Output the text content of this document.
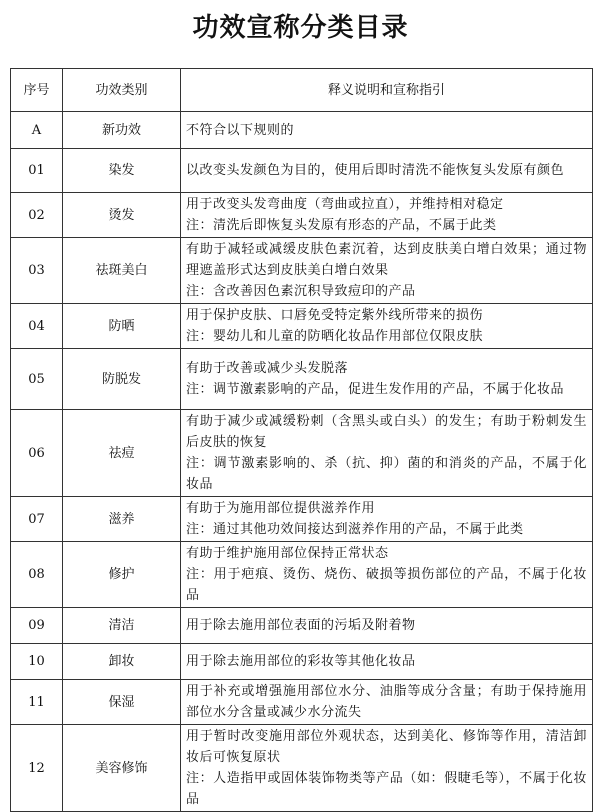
功效宣称分类目录
序号	功效类别	释义说明和宣称指引
A	新功效	不符合以下规则的

01	染发	以改变头发颜色为目的，使用后即时清洗不能恢复头发原有颜色

02	烫发	用于改变头发弯曲度（弯曲或拉直），并维持相对稳定
注：清洗后即恢复头发原有形态的产品，不属于此类

03	祛斑美白	有助于减轻或减缓皮肤色素沉着，达到皮肤美白增白效果；通过物理遮盖形式达到皮肤美白增白效果
注：含改善因色素沉积导致痘印的产品

04	防晒	用于保护皮肤、口唇免受特定紫外线所带来的损伤
注：婴幼儿和儿童的防晒化妆品作用部位仅限皮肤

05	防脱发	有助于改善或减少头发脱落
注：调节激素影响的产品，促进生发作用的产品，不属于化妆品

06	祛痘	有助于减少或减缓粉刺（含黑头或白头）的发生；有助于粉刺发生后皮肤的恢复
注：调节激素影响的、杀（抗、抑）菌的和消炎的产品，不属于化妆品

07	滋养	有助于为施用部位提供滋养作用
注：通过其他功效间接达到滋养作用的产品，不属于此类

08	修护	有助于维护施用部位保持正常状态
注：用于疤痕、烫伤、烧伤、破损等损伤部位的产品，不属于化妆品

09	清洁	用于除去施用部位表面的污垢及附着物

10	卸妆	用于除去施用部位的彩妆等其他化妆品

11	保湿	用于补充或增强施用部位水分、油脂等成分含量；有助于保持施用部位水分含量或减少水分流失

12	美容修饰	用于暂时改变施用部位外观状态，达到美化、修饰等作用，清洁卸妆后可恢复原状
注：人造指甲或固体装饰物类等产品（如：假睫毛等），不属于化妆品
